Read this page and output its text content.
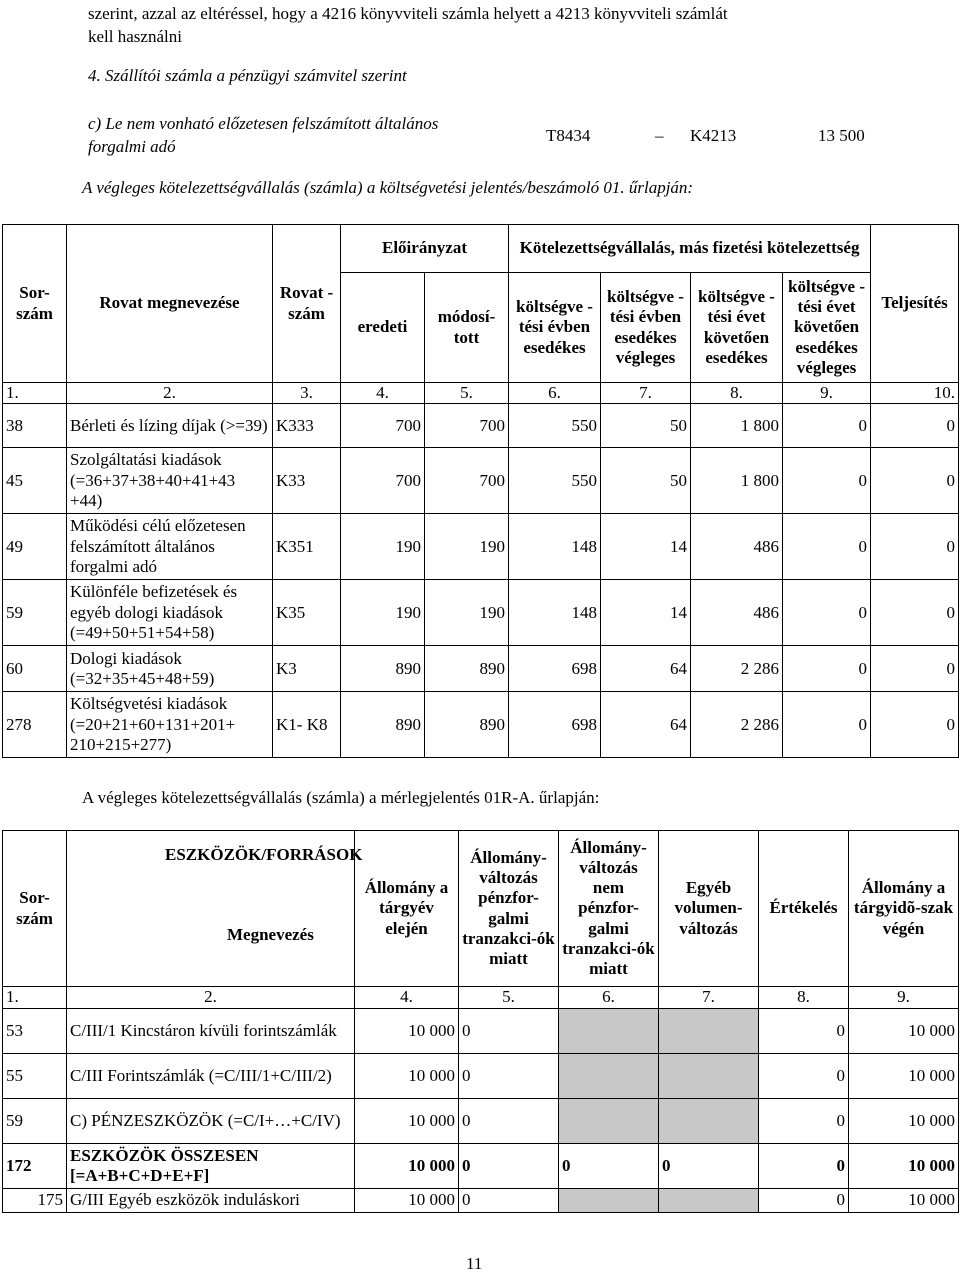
szerint, azzal az eltéréssel, hogy a 4216 könyvviteli számla helyett a 4213 könyvviteli számlát
kell használni
4. Szállítói számla a pénzügyi számvitel szerint
c) Le nem vonható előzetesen felszámított általános
forgalmi adó
T8434	– K4213	13 500
A végleges kötelezettségvállalás (számla) a költségvetési jelentés/beszámoló 01. űrlapján:
Sor-szám	Rovat megnevezése	Rovat -szám	Előirányzat		Kötelezettségvállalás, más fizetési kötelezettség				Teljesítés
			eredeti	módosí-tott	költségve -tési évben esedékes	költségve -tési évben esedékes végleges	költségve -tési évet követően esedékes	költségve -tési évet követően esedékes végleges	
1.	2.	3.	4.	5.	6.	7.	8.	9.	10.
38	Bérleti és lízing díjak (>=39)	K333	700	700	550	50	1 800	0	0
45	Szolgáltatási kiadások (=36+37+38+40+41+43 +44)	K33	700	700	550	50	1 800	0	0
49	Működési célú előzetesen felszámított általános forgalmi adó	K351	190	190	148	14	486	0	0
59	Különféle befizetések és egyéb dologi kiadások (=49+50+51+54+58)	K35	190	190	148	14	486	0	0
60	Dologi kiadások (=32+35+45+48+59)	K3	890	890	698	64	2 286	0	0
278	Költségvetési kiadások (=20+21+60+131+201+ 210+215+277)	K1- K8	890	890	698	64	2 286	0	0
A végleges kötelezettségvállalás (számla) a mérlegjelentés 01R-A. űrlapján:
Sor-szám	ESZKÖZÖK/FORRÁSOK
Megnevezés	Állomány a tárgyév elején	Állomány-változás pénzfor-galmi tranzakci-ók miatt	Állomány-változás nem pénzfor-galmi tranzakci-ók miatt	Egyéb volumen-változás	Értékelés	Állomány a tárgyidõ-szak végén
1.	2.	4.	5.	6.	7.	8.	9.
53	C/III/1 Kincstáron kívüli forintszámlák	10 000	0			0	10 000
55	C/III Forintszámlák (=C/III/1+C/III/2)	10 000	0			0	10 000
59	C) PÉNZESZKÖZÖK (=C/I+…+C/IV)	10 000	0			0	10 000
172	ESZKÖZÖK ÖSSZESEN [=A+B+C+D+E+F]	10 000	0	0	0	0	10 000
175	G/III Egyéb eszközök induláskori	10 000	0			0	10 000
11
